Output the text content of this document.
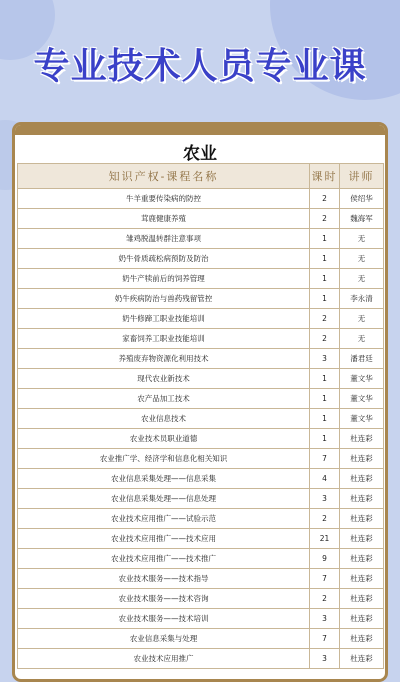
专业技术人员专业课
农业
知识产权-课程名称	课时	讲师
牛羊重要传染病的防控	2	侯绍华
茸鹿健康养殖	2	魏海军
雏鸡脱温转群注意事项	1	无
奶牛骨质疏松病预防及防治	1	无
奶牛产犊前后的饲养管理	1	无
奶牛疾病防治与兽药残留管控	1	李永清
奶牛修蹄工职业技能培训	2	无
家畜饲养工职业技能培训	2	无
养殖废弃物资源化利用技术	3	潘君廷
现代农业新技术	1	董文华
农产品加工技术	1	董文华
农业信息技术	1	董文华
农业技术员职业道德	1	杜连彩
农业推广学、经济学和信息化相关知识	7	杜连彩
农业信息采集处理——信息采集	4	杜连彩
农业信息采集处理——信息处理	3	杜连彩
农业技术应用推广——试验示范	2	杜连彩
农业技术应用推广——技术应用	21	杜连彩
农业技术应用推广——技术推广	9	杜连彩
农业技术服务——技术指导	7	杜连彩
农业技术服务——技术咨询	2	杜连彩
农业技术服务——技术培训	3	杜连彩
农业信息采集与处理	7	杜连彩
农业技术应用推广	3	杜连彩
